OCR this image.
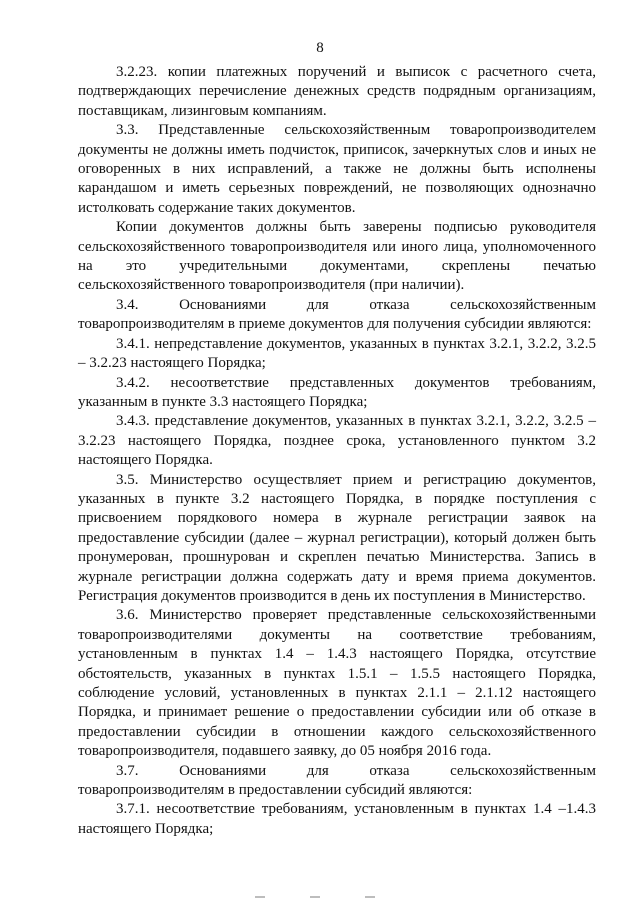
8

3.2.23. копии платежных поручений и выписок с расчетного счета, подтверждающих перечисление денежных средств подрядным организациям, поставщикам, лизинговым компаниям.

3.3. Представленные сельскохозяйственным товаропроизводителем документы не должны иметь подчисток, приписок, зачеркнутых слов и иных не оговоренных в них исправлений, а также не должны быть исполнены карандашом и иметь серьезных повреждений, не позволяющих однозначно истолковать содержание таких документов.

Копии документов должны быть заверены подписью руководителя сельскохозяйственного товаропроизводителя или иного лица, уполномоченного на это учредительными документами, скреплены печатью сельскохозяйственного товаропроизводителя (при наличии).

3.4. Основаниями для отказа сельскохозяйственным товаропроизводителям в приеме документов для получения субсидии являются:

3.4.1. непредставление документов, указанных в пунктах 3.2.1, 3.2.2, 3.2.5 – 3.2.23 настоящего Порядка;

3.4.2. несоответствие представленных документов требованиям, указанным в пункте 3.3 настоящего Порядка;

3.4.3. представление документов, указанных в пунктах 3.2.1, 3.2.2, 3.2.5 – 3.2.23 настоящего Порядка, позднее срока, установленного пунктом 3.2 настоящего Порядка.

3.5. Министерство осуществляет прием и регистрацию документов, указанных в пункте 3.2 настоящего Порядка, в порядке поступления с присвоением порядкового номера в журнале регистрации заявок на предоставление субсидии (далее – журнал регистрации), который должен быть пронумерован, прошнурован и скреплен печатью Министерства. Запись в журнале регистрации должна содержать дату и время приема документов. Регистрация документов производится в день их поступления в Министерство.

3.6. Министерство проверяет представленные сельскохозяйственными товаропроизводителями документы на соответствие требованиям, установленным в пунктах 1.4 – 1.4.3 настоящего Порядка, отсутствие обстоятельств, указанных в пунктах 1.5.1 – 1.5.5 настоящего Порядка, соблюдение условий, установленных в пунктах 2.1.1 – 2.1.12 настоящего Порядка, и принимает решение о предоставлении субсидии или об отказе в предоставлении субсидии в отношении каждого сельскохозяйственного товаропроизводителя, подавшего заявку, до 05 ноября 2016 года.

3.7. Основаниями для отказа сельскохозяйственным товаропроизводителям в предоставлении субсидий являются:

3.7.1. несоответствие требованиям, установленным в пунктах 1.4 –1.4.3 настоящего Порядка;
